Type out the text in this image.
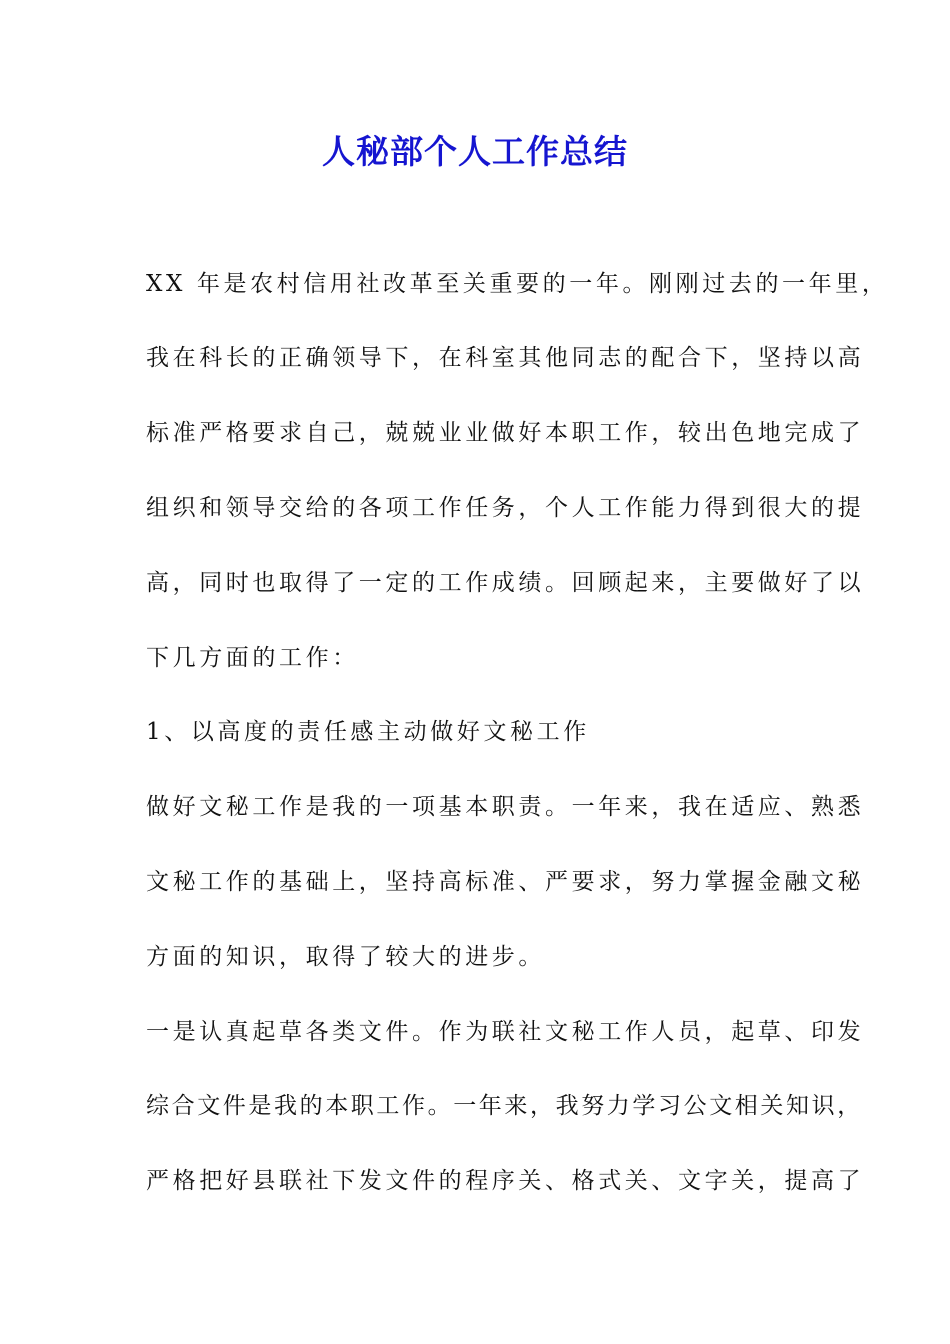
人秘部个人工作总结
XX 年是农村信用社改革至关重要的一年。刚刚过去的一年里，
我在科长的正确领导下，在科室其他同志的配合下，坚持以高
标准严格要求自己，兢兢业业做好本职工作，较出色地完成了
组织和领导交给的各项工作任务，个人工作能力得到很大的提
高，同时也取得了一定的工作成绩。回顾起来，主要做好了以
下几方面的工作：
1、以高度的责任感主动做好文秘工作
做好文秘工作是我的一项基本职责。一年来，我在适应、熟悉
文秘工作的基础上，坚持高标准、严要求，努力掌握金融文秘
方面的知识，取得了较大的进步。
一是认真起草各类文件。作为联社文秘工作人员，起草、印发
综合文件是我的本职工作。一年来，我努力学习公文相关知识，
严格把好县联社下发文件的程序关、格式关、文字关，提高了
